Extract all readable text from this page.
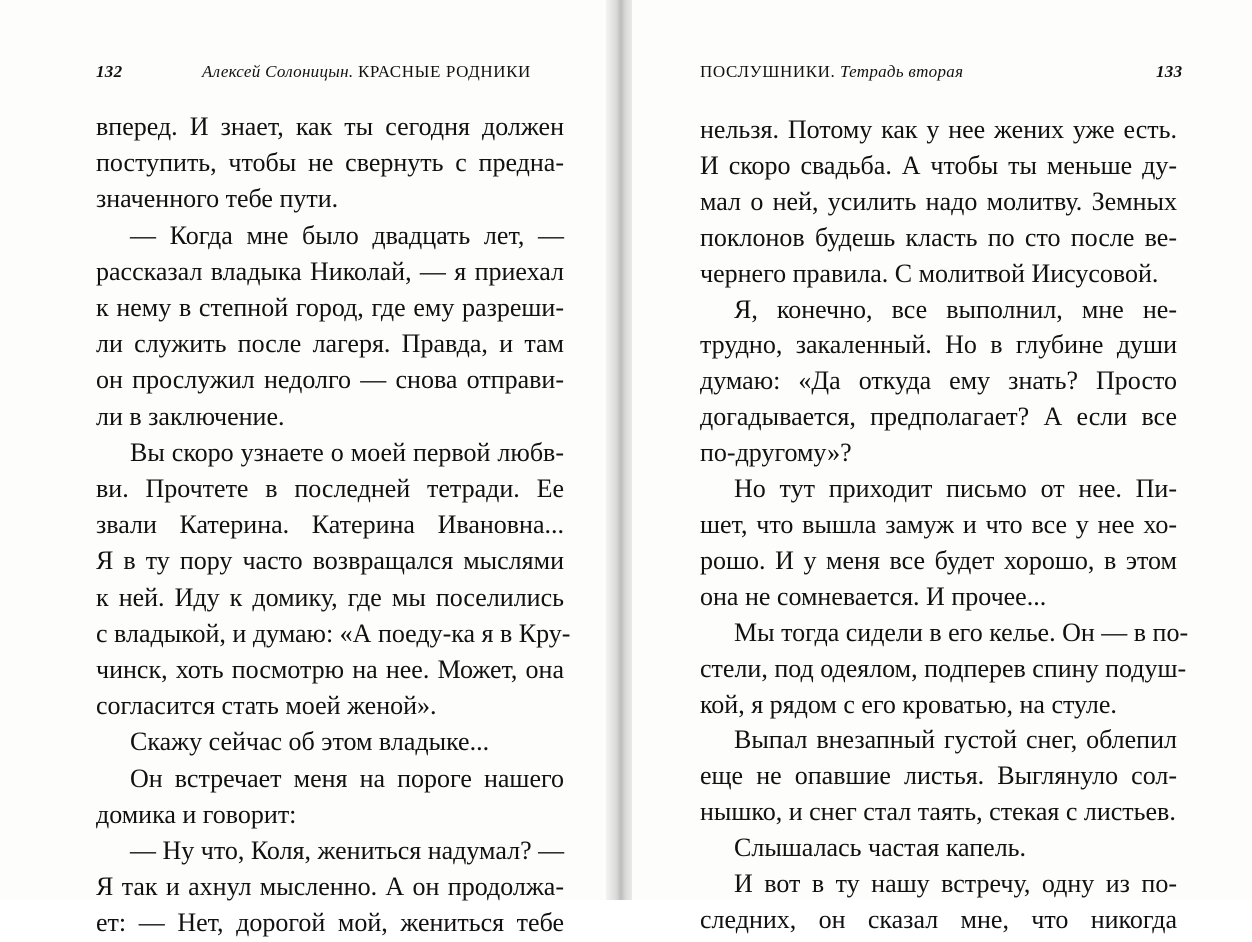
132	Алексей Солоницын. КРАСНЫЕ РОДНИКИ
вперед. И знает, как ты сегодня должен
поступить, чтобы не свернуть с предна-
значенного тебе пути.
— Когда мне было двадцать лет, —
рассказал владыка Николай, — я приехал
к нему в степной город, где ему разреши-
ли служить после лагеря. Правда, и там
он прослужил недолго — снова отправи-
ли в заключение.
Вы скоро узнаете о моей первой любв-
ви. Прочтете в последней тетради. Ее
звали Катерина. Катерина Ивановна...
Я в ту пору часто возвращался мыслями
к ней. Иду к домику, где мы поселились
с владыкой, и думаю: «А поеду-ка я в Кру-
чинск, хоть посмотрю на нее. Может, она
согласится стать моей женой».
Скажу сейчас об этом владыке...
Он встречает меня на пороге нашего
домика и говорит:
— Ну что, Коля, жениться надумал? —
Я так и ахнул мысленно. А он продолжа-
ет: — Нет, дорогой мой, жениться тебе
ПОСЛУШНИКИ. Тетрадь вторая	133
нельзя. Потому как у нее жених уже есть.
И скоро свадьба. А чтобы ты меньше ду-
мал о ней, усилить надо молитву. Земных
поклонов будешь класть по сто после ве-
чернего правила. С молитвой Иисусовой.
Я, конечно, все выполнил, мне не-
трудно, закаленный. Но в глубине души
думаю: «Да откуда ему знать? Просто
догадывается, предполагает? А если все
по-другому»?
Но тут приходит письмо от нее. Пи-
шет, что вышла замуж и что все у нее хо-
рошо. И у меня все будет хорошо, в этом
она не сомневается. И прочее...
Мы тогда сидели в его келье. Он — в по-
стели, под одеялом, подперев спину подуш-
кой, я рядом с его кроватью, на стуле.
Выпал внезапный густой снег, облепил
еще не опавшие листья. Выглянуло сол-
нышко, и снег стал таять, стекая с листьев.
Слышалась частая капель.
И вот в ту нашу встречу, одну из по-
следних, он сказал мне, что никогда
